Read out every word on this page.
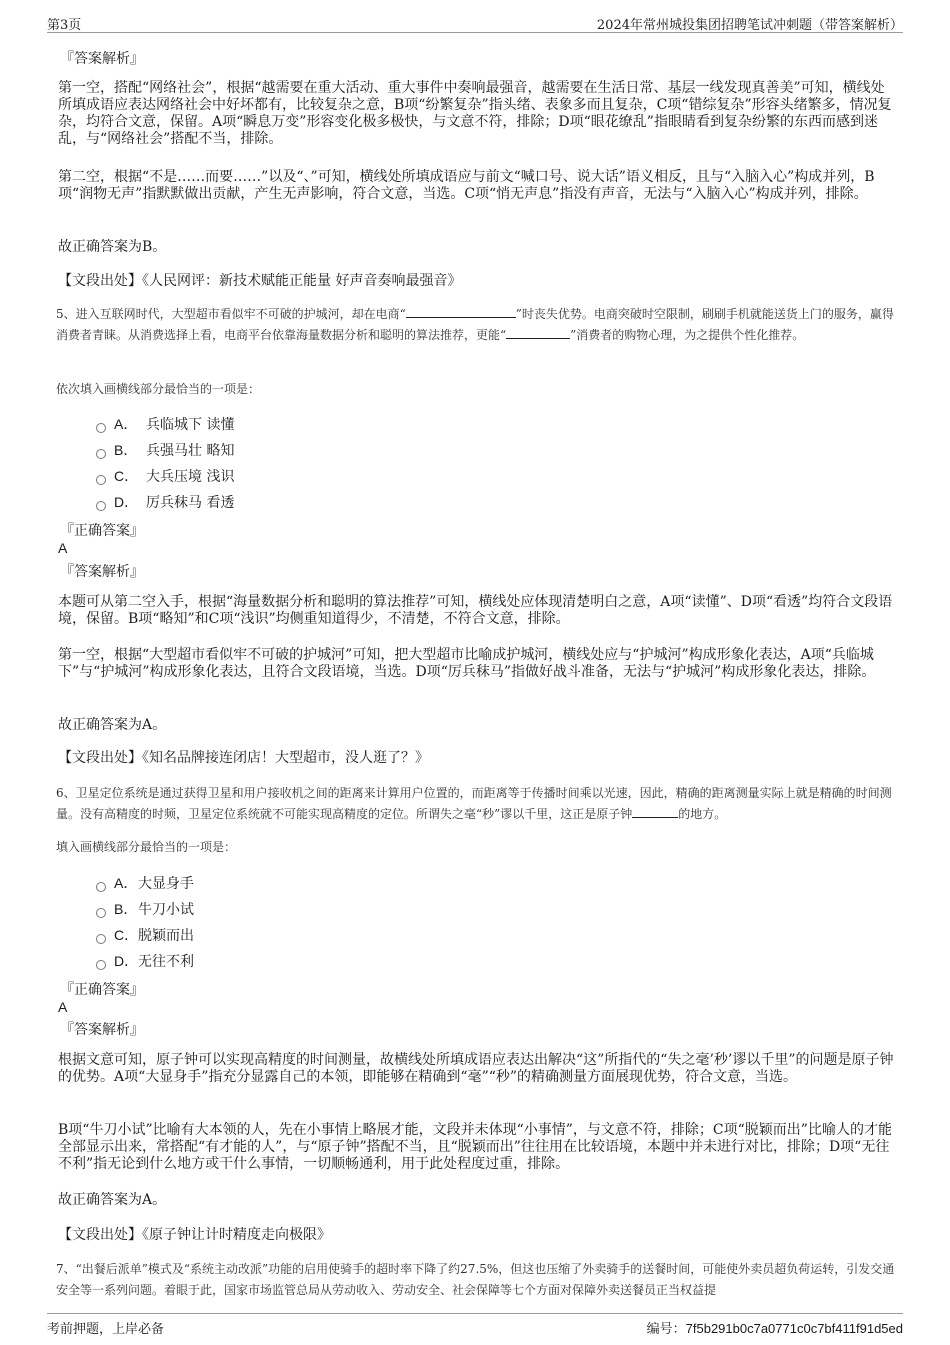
第3页	2024年常州城投集团招聘笔试冲刺题（带答案解析）
『答案解析』
第一空，搭配“网络社会”，根据“越需要在重大活动、重大事件中奏响最强音，越需要在生活日常、基层一线发现真善美”可知，横线处所填成语应表达网络社会中好坏都有，比较复杂之意，B项“纷繁复杂”指头绪、表象多而且复杂，C项“错综复杂”形容头绪繁多，情况复杂，均符合文意，保留。A项“瞬息万变”形容变化极多极快，与文意不符，排除；D项“眼花缭乱”指眼睛看到复杂纷繁的东西而感到迷乱，与“网络社会”搭配不当，排除。
第二空，根据“不是……而要……”以及“、”可知，横线处所填成语应与前文“喊口号、说大话”语义相反，且与“入脑入心”构成并列，B项“润物无声”指默默做出贡献，产生无声影响，符合文意，当选。C项“悄无声息”指没有声音，无法与“入脑入心”构成并列，排除。
故正确答案为B。
【文段出处】《人民网评：新技术赋能正能量 好声音奏响最强音》
5、进入互联网时代，大型超市看似牢不可破的护城河，却在电商“	”时丧失优势。电商突破时空限制，刷刷手机就能送货上门的服务，赢得消费者青睐。从消费选择上看，电商平台依靠海量数据分析和聪明的算法推荐，更能“	”消费者的购物心理，为之提供个性化推荐。
依次填入画横线部分最恰当的一项是：
A． 兵临城下 读懂
B． 兵强马壮 略知
C． 大兵压境 浅识
D． 厉兵秣马 看透
『正确答案』
A
『答案解析』
本题可从第二空入手，根据“海量数据分析和聪明的算法推荐”可知，横线处应体现清楚明白之意，A项“读懂”、D项“看透”均符合文段语境，保留。B项“略知”和C项“浅识”均侧重知道得少，不清楚，不符合文意，排除。
第一空，根据“大型超市看似牢不可破的护城河”可知，把大型超市比喻成护城河，横线处应与“护城河”构成形象化表达，A项“兵临城下”与“护城河”构成形象化表达，且符合文段语境，当选。D项“厉兵秣马”指做好战斗准备，无法与“护城河”构成形象化表达，排除。
故正确答案为A。
【文段出处】《知名品牌接连闭店！大型超市，没人逛了？》
6、卫星定位系统是通过获得卫星和用户接收机之间的距离来计算用户位置的，而距离等于传播时间乘以光速，因此，精确的距离测量实际上就是精确的时间测量。没有高精度的时频，卫星定位系统就不可能实现高精度的定位。所谓失之毫“秒”谬以千里，这正是原子钟	的地方。
填入画横线部分最恰当的一项是：
A．大显身手
B．牛刀小试
C．脱颖而出
D．无往不利
『正确答案』
A
『答案解析』
根据文意可知，原子钟可以实现高精度的时间测量，故横线处所填成语应表达出解决“这”所指代的“失之毫’秒’谬以千里”的问题是原子钟的优势。A项“大显身手”指充分显露自己的本领，即能够在精确到“毫”“秒”的精确测量方面展现优势，符合文意，当选。
B项“牛刀小试”比喻有大本领的人，先在小事情上略展才能，文段并未体现“小事情”，与文意不符，排除；C项“脱颖而出”比喻人的才能全部显示出来，常搭配“有才能的人”，与“原子钟”搭配不当，且“脱颖而出”往往用在比较语境，本题中并未进行对比，排除；D项“无往不利”指无论到什么地方或干什么事情，一切顺畅通利，用于此处程度过重，排除。
故正确答案为A。
【文段出处】《原子钟让计时精度走向极限》
7、“出餐后派单”模式及“系统主动改派”功能的启用使骑手的超时率下降了约27.5%，但这也压缩了外卖骑手的送餐时间，可能使外卖员超负荷运转，引发交通安全等一系列问题。着眼于此，国家市场监管总局从劳动收入、劳动安全、社会保障等七个方面对保障外卖送餐员正当权益提
考前押题，上岸必备	编号：7f5b291b0c7a0771c0c7bf411f91d5ed
